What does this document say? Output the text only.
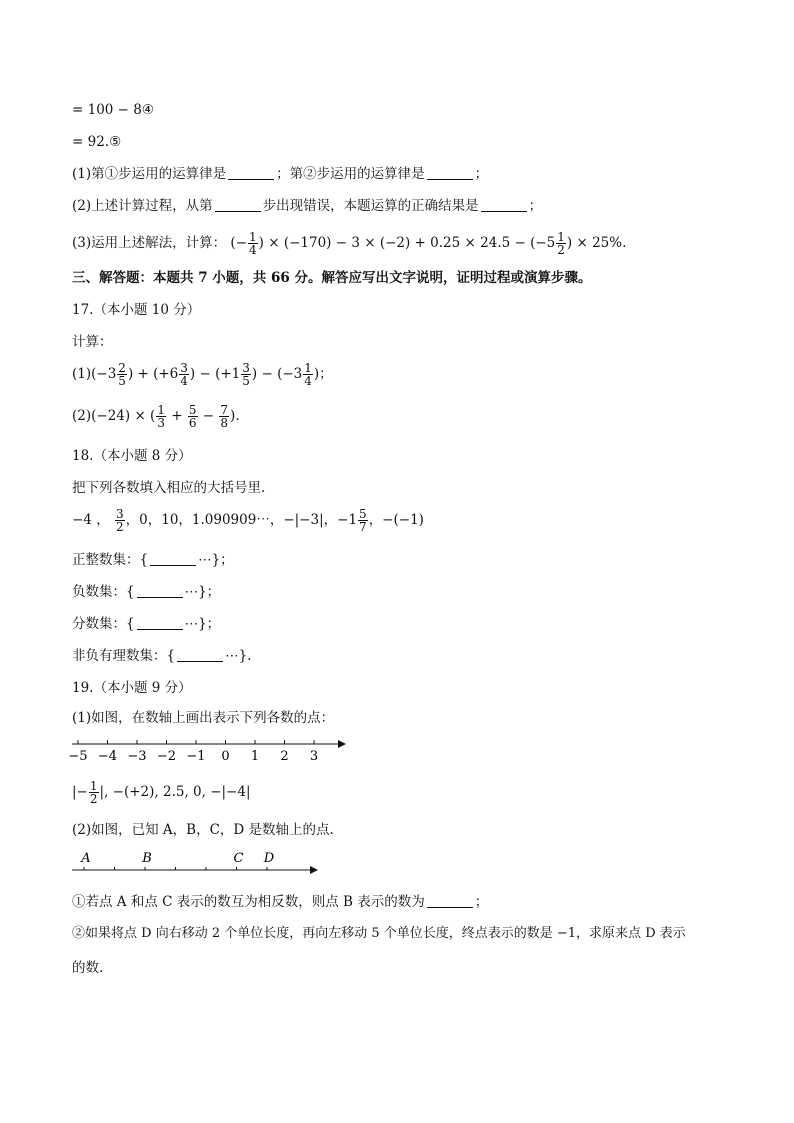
= 100 − 8④
= 92.⑤
(1)第①步运用的运算律是	；第②步运用的运算律是	；
(2)上述计算过程，从第	步出现错误，本题运算的正确结果是	；
(3)运用上述解法，计算： (− $\frac{1}{4}$ ) × $(-170) - 3 \times (-2) + 0.25 \times 24.5 - (-5 \frac{1}{2}$ ) × 25%.
三、解答题：本题共 7 小题，共 66 分。解答应写出文字说明，证明过程或演算步骤。
17.（本小题 10 分）
计算：
$(1)(-3 \frac{2}{5}$ ) + ($+6 \frac{3}{4}$ ) − ($+1 \frac{3}{5}$ ) − ($-3 \frac{1}{4}$ )；
(2)(−24) × ( $\frac{1}{3} + \frac{5}{6} - \frac{7}{8}$ ).
18.（本小题 8 分）
把下列各数填入相应的大括号里.
−4 ， $\frac{3}{2}$ ，0，10，1.090909⋯，−|−3|，$-1 \frac{5}{7}$ ，−(−1)
正整数集：{	⋯}；
负数集：{	⋯}；
分数集：{	⋯}；
非负有理数集：{	⋯}.
19.（本小题 9 分）
(1)如图，在数轴上画出表示下列各数的点：
−5 −4 −3 −2 −1 0 1 2 3
|− $\frac{1}{2}$ |, −(+2), 2.5, 0, −|−4|
(2)如图，已知 A，B，C，D 是数轴上的点.
A	B	C D
①若点 A 和点 C 表示的数互为相反数，则点 B 表示的数为	；
②如果将点 D 向右移动 2 个单位长度，再向左移动 5 个单位长度，终点表示的数是 −1，求原来点 D 表示
的数.
